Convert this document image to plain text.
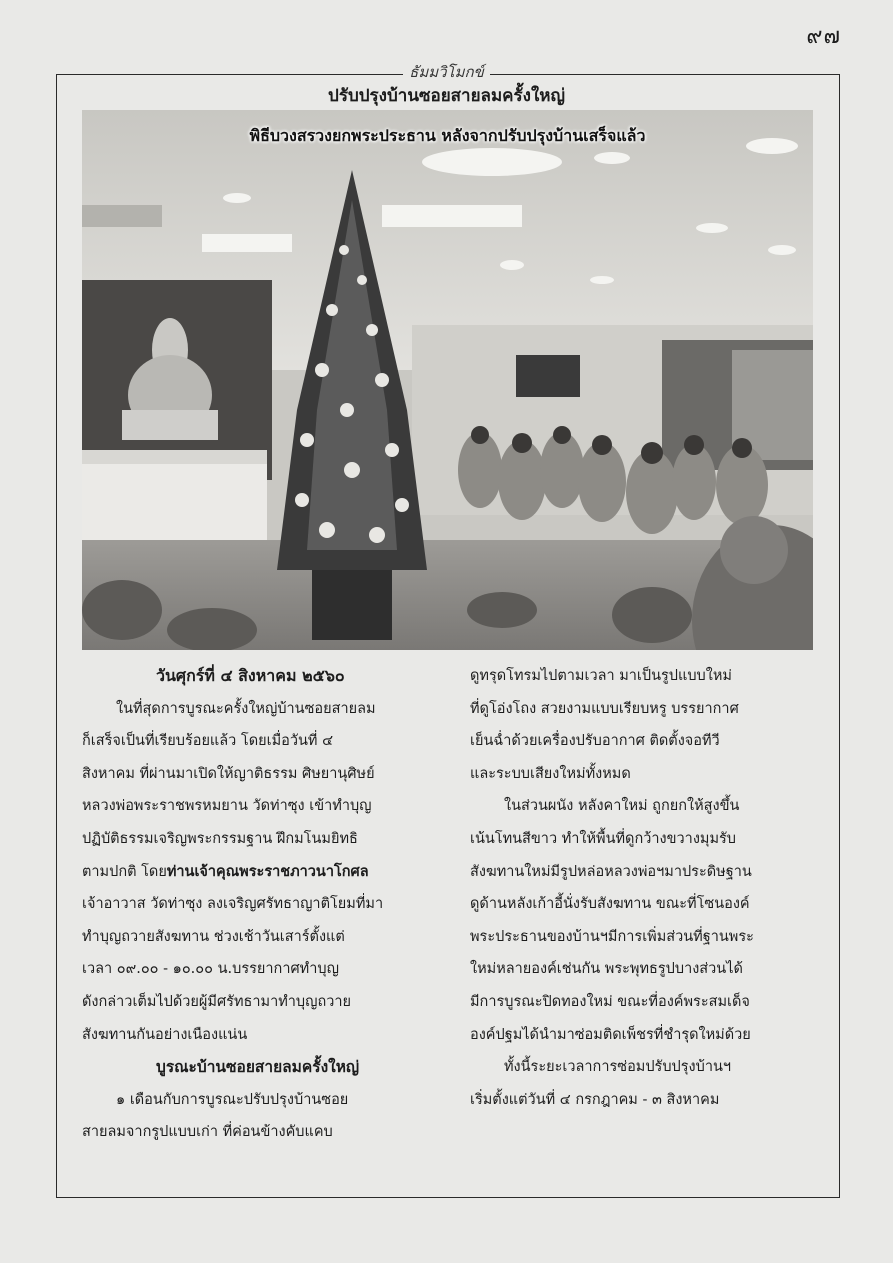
๙๗
ธัมมวิโมกข์
ปรับปรุงบ้านซอยสายลมครั้งใหญ่
พิธีบวงสรวงยกพระประธาน หลังจากปรับปรุงบ้านเสร็จแล้ว

วันศุกร์ที่ ๔ สิงหาคม ๒๕๖๐

ในที่สุดการบูรณะครั้งใหญ่บ้านซอยสายลม

ก็เสร็จเป็นที่เรียบร้อยแล้ว โดยเมื่อวันที่ ๔

สิงหาคม ที่ผ่านมาเปิดให้ญาติธรรม ศิษยานุศิษย์

หลวงพ่อพระราชพรหมยาน วัดท่าซุง เข้าทำบุญ

ปฏิบัติธรรมเจริญพระกรรมฐาน ฝึกมโนมยิทธิ

ตามปกติ โดยท่านเจ้าคุณพระราชภาวนาโกศล

เจ้าอาวาส วัดท่าซุง ลงเจริญศรัทธาญาติโยมที่มา

ทำบุญถวายสังฆทาน ช่วงเช้าวันเสาร์ตั้งแต่

เวลา ๐๙.๐๐ - ๑๐.๐๐ น.บรรยากาศทำบุญ

ดังกล่าวเต็มไปด้วยผู้มีศรัทธามาทำบุญถวาย

สังฆทานกันอย่างเนืองแน่น

บูรณะบ้านซอยสายลมครั้งใหญ่

๑ เดือนกับการบูรณะปรับปรุงบ้านซอย

สายลมจากรูปแบบเก่า ที่ค่อนข้างคับแคบ

ดูทรุดโทรมไปตามเวลา มาเป็นรูปแบบใหม่

ที่ดูโอ่งโถง สวยงามแบบเรียบหรู บรรยากาศ

เย็นฉ่ำด้วยเครื่องปรับอากาศ ติดตั้งจอทีวี

และระบบเสียงใหม่ทั้งหมด

ในส่วนผนัง หลังคาใหม่ ถูกยกให้สูงขึ้น

เน้นโทนสีขาว ทำให้พื้นที่ดูกว้างขวางมุมรับ

สังฆทานใหม่มีรูปหล่อหลวงพ่อฯมาประดิษฐาน

ดูด้านหลังเก้าอี้นั่งรับสังฆทาน ขณะที่โซนองค์

พระประธานของบ้านฯมีการเพิ่มส่วนที่ฐานพระ

ใหม่หลายองค์เช่นกัน พระพุทธรูปบางส่วนได้

มีการบูรณะปิดทองใหม่ ขณะที่องค์พระสมเด็จ

องค์ปฐมได้นำมาซ่อมติดเพ็ชรที่ชำรุดใหม่ด้วย

ทั้งนี้ระยะเวลาการซ่อมปรับปรุงบ้านฯ

เริ่มตั้งแต่วันที่ ๔ กรกฎาคม - ๓ สิงหาคม
